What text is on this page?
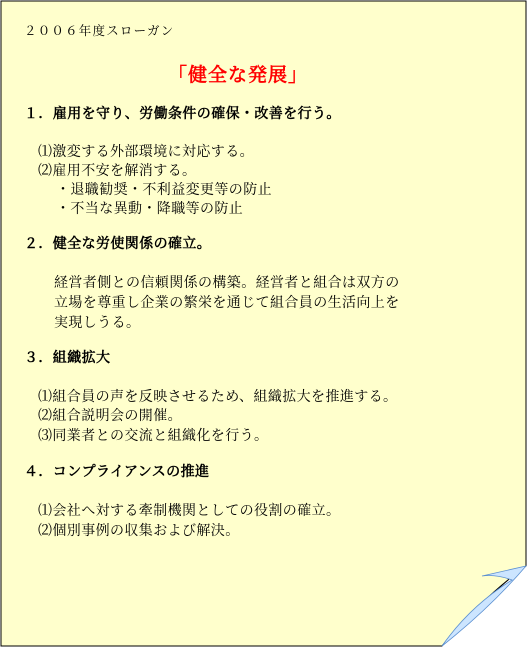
２００６年度スローガン

「健全な発展」

１．雇用を守り、労働条件の確保・改善を行う。

⑴激変する外部環境に対応する。

⑵雇用不安を解消する。

・退職勧奨・不利益変更等の防止

・不当な異動・降職等の防止

２．健全な労使関係の確立。

経営者側との信頼関係の構築。経営者と組合は双方の

立場を尊重し企業の繁栄を通じて組合員の生活向上を

実現しうる。

３．組織拡大

⑴組合員の声を反映させるため、組織拡大を推進する。

⑵組合説明会の開催。

⑶同業者との交流と組織化を行う。

４．コンプライアンスの推進

⑴会社へ対する牽制機関としての役割の確立。

⑵個別事例の収集および解決。
